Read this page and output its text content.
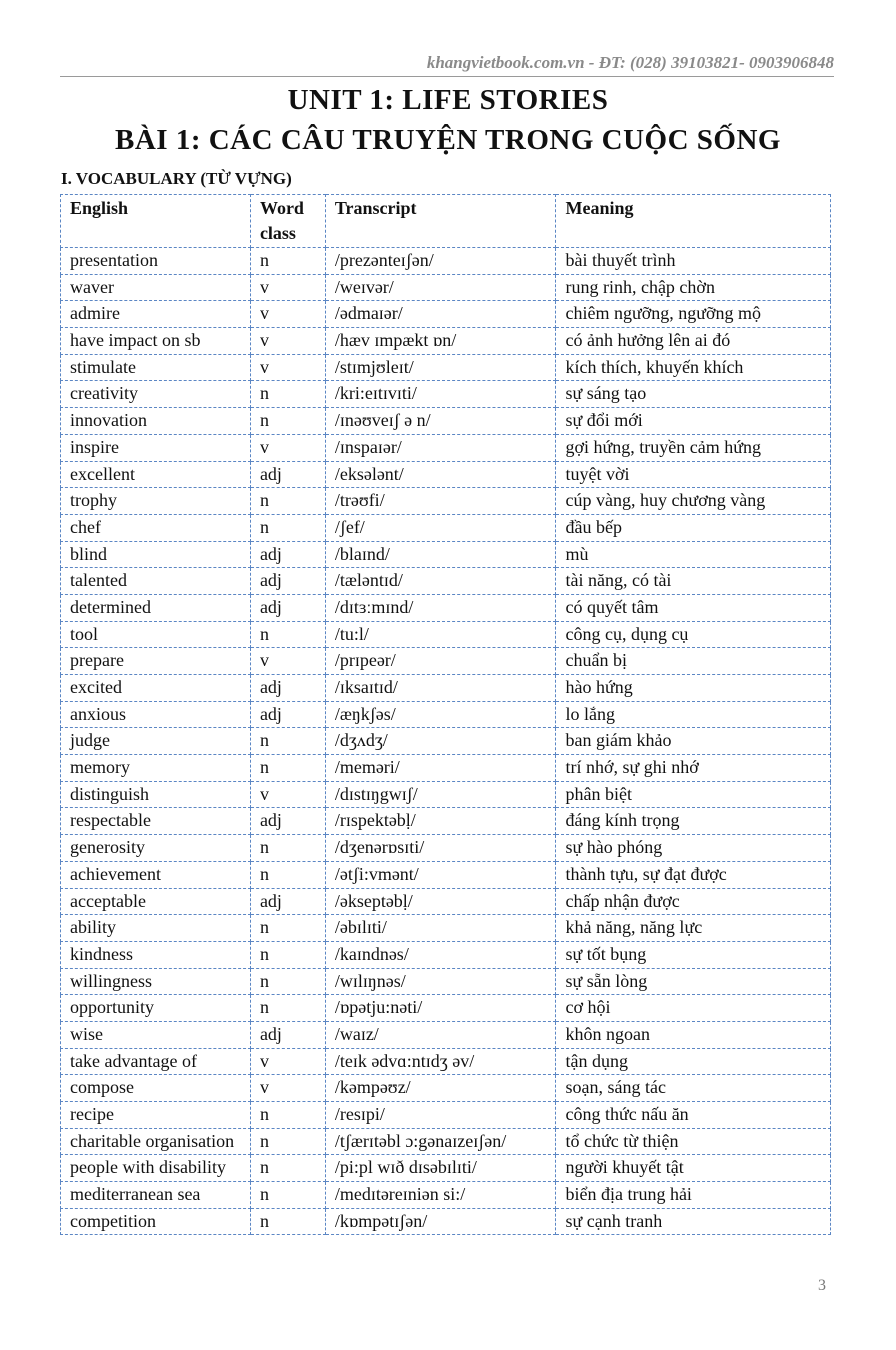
khangvietbook.com.vn - ĐT: (028) 39103821- 0903906848
UNIT 1: LIFE STORIES
BÀI 1: CÁC CÂU TRUYỆN TRONG CUỘC SỐNG
I. VOCABULARY (TỪ VỰNG)
English	Word class	Transcript	Meaning
presentation	n	/prezənteɪʃən/	bài thuyết trình
waver	v	/weɪvər/	rung rinh, chập chờn
admire	v	/ədmaɪər/	chiêm ngưỡng, ngưỡng mộ
have impact on sb	v	/hæv ɪmpækt ɒn/	có ảnh hưởng lên ai đó
stimulate	v	/stɪmjʊleɪt/	kích thích, khuyến khích
creativity	n	/kri:eɪtɪvɪti/	sự sáng tạo
innovation	n	/ɪnəʊveɪʃ ə n/	sự đổi mới
inspire	v	/ɪnspaɪər/	gợi hứng, truyền cảm hứng
excellent	adj	/eksələnt/	tuyệt vời
trophy	n	/trəʊfi/	cúp vàng, huy chương vàng
chef	n	/ʃef/	đầu bếp
blind	adj	/blaɪnd/	mù
talented	adj	/tæləntɪd/	tài năng, có tài
determined	adj	/dɪtɜːmɪnd/	có quyết tâm
tool	n	/tu:l/	công cụ, dụng cụ
prepare	v	/prɪpeər/	chuẩn bị
excited	adj	/ɪksaɪtɪd/	hào hứng
anxious	adj	/æŋkʃəs/	lo lắng
judge	n	/dʒʌdʒ/	ban giám khảo
memory	n	/meməri/	trí nhớ, sự ghi nhớ
distinguish	v	/dɪstɪŋgwɪʃ/	phân biệt
respectable	adj	/rɪspektəbḷ/	đáng kính trọng
generosity	n	/dʒenərɒsɪti/	sự hào phóng
achievement	n	/ətʃi:vmənt/	thành tựu, sự đạt được
acceptable	adj	/əkseptəbḷ/	chấp nhận được
ability	n	/əbɪlɪti/	khả năng, năng lực
kindness	n	/kaɪndnəs/	sự tốt bụng
willingness	n	/wɪlɪŋnəs/	sự sẵn lòng
opportunity	n	/ɒpətju:nəti/	cơ hội
wise	adj	/waɪz/	khôn ngoan
take advantage of	v	/teɪk ədvɑ:ntɪdʒ əv/	tận dụng
compose	v	/kəmpəʊz/	soạn, sáng tác
recipe	n	/resɪpi/	công thức nấu ăn
charitable organisation	n	/tʃærɪtəbl ɔ:gənaɪzeɪʃən/	tổ chức từ thiện
people with disability	n	/pi:pl wɪð dɪsəbɪlɪti/	người khuyết tật
mediterranean sea	n	/medɪtəreɪniən si:/	biển địa trung hải
competition	n	/kɒmpətɪʃən/	sự cạnh tranh
3
